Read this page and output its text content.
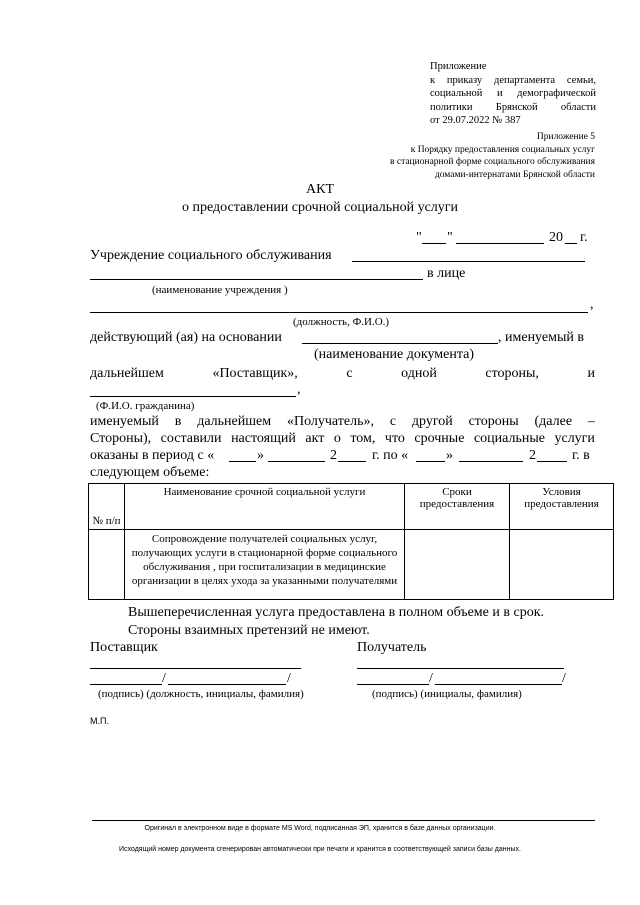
Приложение
к приказу департамента семьи,
социальной и демографической
политики Брянской области
от 29.07.2022 № 387
Приложение 5
к Порядку предоставления социальных услуг
в стационарной форме социального обслуживания
домами-интернатами Брянской области
АКТ
о предоставлении срочной социальной услуги
" "	20 г.
Учреждение социального обслуживания
в лице
(наименование учреждения )
,
(должность, Ф.И.О.)
действующий (ая) на основании	, именуемый в
(наименование документа)
дальнейшем	«Поставщик»,	с	одной	стороны,	и
,
(Ф.И.О. гражданина)
именуемый в дальнейшем «Получатель», с другой стороны (далее –
Стороны), составили настоящий акт о том, что срочные социальные услуги
оказаны в период с «	»	2	г. по «	»	2	г. в
следующем объеме:
№ п/п	Наименование срочной социальной услуги	Сроки предоставления	Условия предоставления
	Сопровождение получателей социальных услуг, получающих услуги в стационарной форме социального обслуживания , при госпитализации в медицинские организации в целях ухода за указанными получателями		
Вышеперечисленная услуга предоставлена в полном объеме и в срок.
Стороны взаимных претензий не имеют.
Поставщик
/	/
(подпись) (должность, инициалы, фамилия)
Получатель
/	/
(подпись) (инициалы, фамилия)
М.П.
Оригинал в электронном виде в формате MS Word, подписанная ЭП, хранится в базе данных организации.
Исходящий номер документа сгенерирован автоматически при печати и хранится в соответствующей записи базы данных.
